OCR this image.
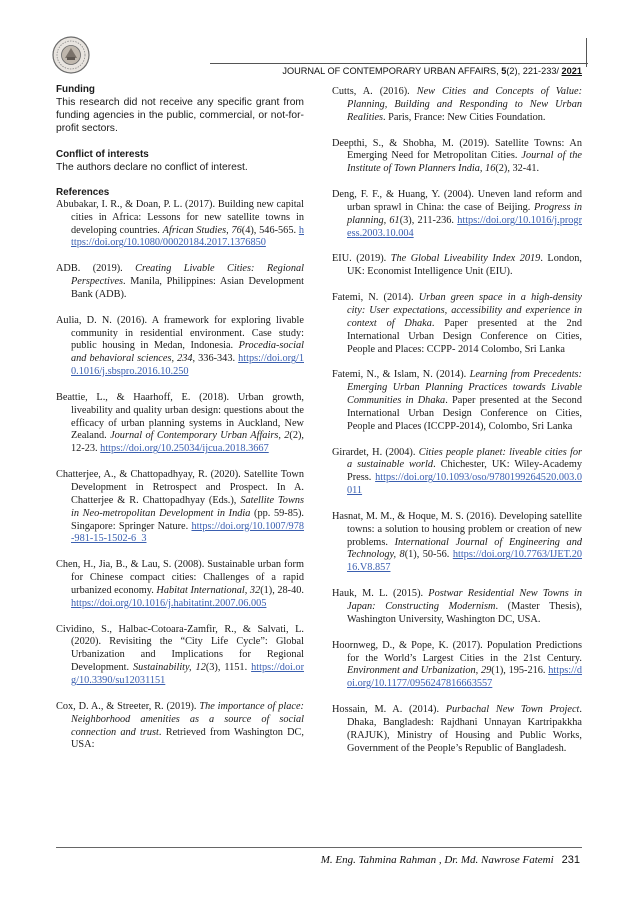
JOURNAL OF CONTEMPORARY URBAN AFFAIRS, 5(2), 221-233/ 2021
Funding

This research did not receive any specific grant from funding agencies in the public, commercial, or not-for-profit sectors.

Conflict of interests

The authors declare no conflict of interest.

References

Abubakar, I. R., & Doan, P. L. (2017). Building new capital cities in Africa: Lessons for new satellite towns in developing countries. African Studies, 76(4), 546-565. https://doi.org/10.1080/00020184.2017.1376850

ADB. (2019). Creating Livable Cities: Regional Perspectives. Manila, Philippines: Asian Development Bank (ADB).

Aulia, D. N. (2016). A framework for exploring livable community in residential environment. Case study: public housing in Medan, Indonesia. Procedia-social and behavioral sciences, 234, 336-343. https://doi.org/10.1016/j.sbspro.2016.10.250

Beattie, L., & Haarhoff, E. (2018). Urban growth, liveability and quality urban design: questions about the efficacy of urban planning systems in Auckland, New Zealand. Journal of Contemporary Urban Affairs, 2(2), 12-23. https://doi.org/10.25034/ijcua.2018.3667

Chatterjee, A., & Chattopadhyay, R. (2020). Satellite Town Development in Retrospect and Prospect. In A. Chatterjee & R. Chattopadhyay (Eds.), Satellite Towns in Neo-metropolitan Development in India (pp. 59-85). Singapore: Springer Nature. https://doi.org/10.1007/978-981-15-1502-6_3

Chen, H., Jia, B., & Lau, S. (2008). Sustainable urban form for Chinese compact cities: Challenges of a rapid urbanized economy. Habitat International, 32(1), 28-40. https://doi.org/10.1016/j.habitatint.2007.06.005

Cividino, S., Halbac-Cotoara-Zamfir, R., & Salvati, L. (2020). Revisiting the “City Life Cycle”: Global Urbanization and Implications for Regional Development. Sustainability, 12(3), 1151. https://doi.org/10.3390/su12031151

Cox, D. A., & Streeter, R. (2019). The importance of place: Neighborhood amenities as a source of social connection and trust. Retrieved from Washington DC, USA:

Cutts, A. (2016). New Cities and Concepts of Value: Planning, Building and Responding to New Urban Realities. Paris, France: New Cities Foundation.

Deepthi, S., & Shobha, M. (2019). Satellite Towns: An Emerging Need for Metropolitan Cities. Journal of the Institute of Town Planners India, 16(2), 32-41.

Deng, F. F., & Huang, Y. (2004). Uneven land reform and urban sprawl in China: the case of Beijing. Progress in planning, 61(3), 211-236. https://doi.org/10.1016/j.progress.2003.10.004

EIU. (2019). The Global Liveability Index 2019. London, UK: Economist Intelligence Unit (EIU).

Fatemi, N. (2014). Urban green space in a high-density city: User expectations, accessibility and experience in context of Dhaka. Paper presented at the 2nd International Urban Design Conference on Cities, People and Places: CCPP- 2014 Colombo, Sri Lanka

Fatemi, N., & Islam, N. (2014). Learning from Precedents: Emerging Urban Planning Practices towards Livable Communities in Dhaka. Paper presented at the Second International Urban Design Conference on Cities, People and Places (ICCPP-2014), Colombo, Sri Lanka

Girardet, H. (2004). Cities people planet: liveable cities for a sustainable world. Chichester, UK: Wiley-Academy Press. https://doi.org/10.1093/oso/9780199264520.003.0011

Hasnat, M. M., & Hoque, M. S. (2016). Developing satellite towns: a solution to housing problem or creation of new problems. International Journal of Engineering and Technology, 8(1), 50-56. https://doi.org/10.7763/IJET.2016.V8.857

Hauk, M. L. (2015). Postwar Residential New Towns in Japan: Constructing Modernism. (Master Thesis), Washington University, Washington DC, USA.

Hoornweg, D., & Pope, K. (2017). Population Predictions for the World’s Largest Cities in the 21st Century. Environment and Urbanization, 29(1), 195-216. https://doi.org/10.1177/0956247816663557

Hossain, M. A. (2014). Purbachal New Town Project. Dhaka, Bangladesh: Rajdhani Unnayan Kartripakkha (RAJUK), Ministry of Housing and Public Works, Government of the People’s Republic of Bangladesh.

M. Eng. Tahmina Rahman , Dr. Md. Nawrose Fatemi 231
